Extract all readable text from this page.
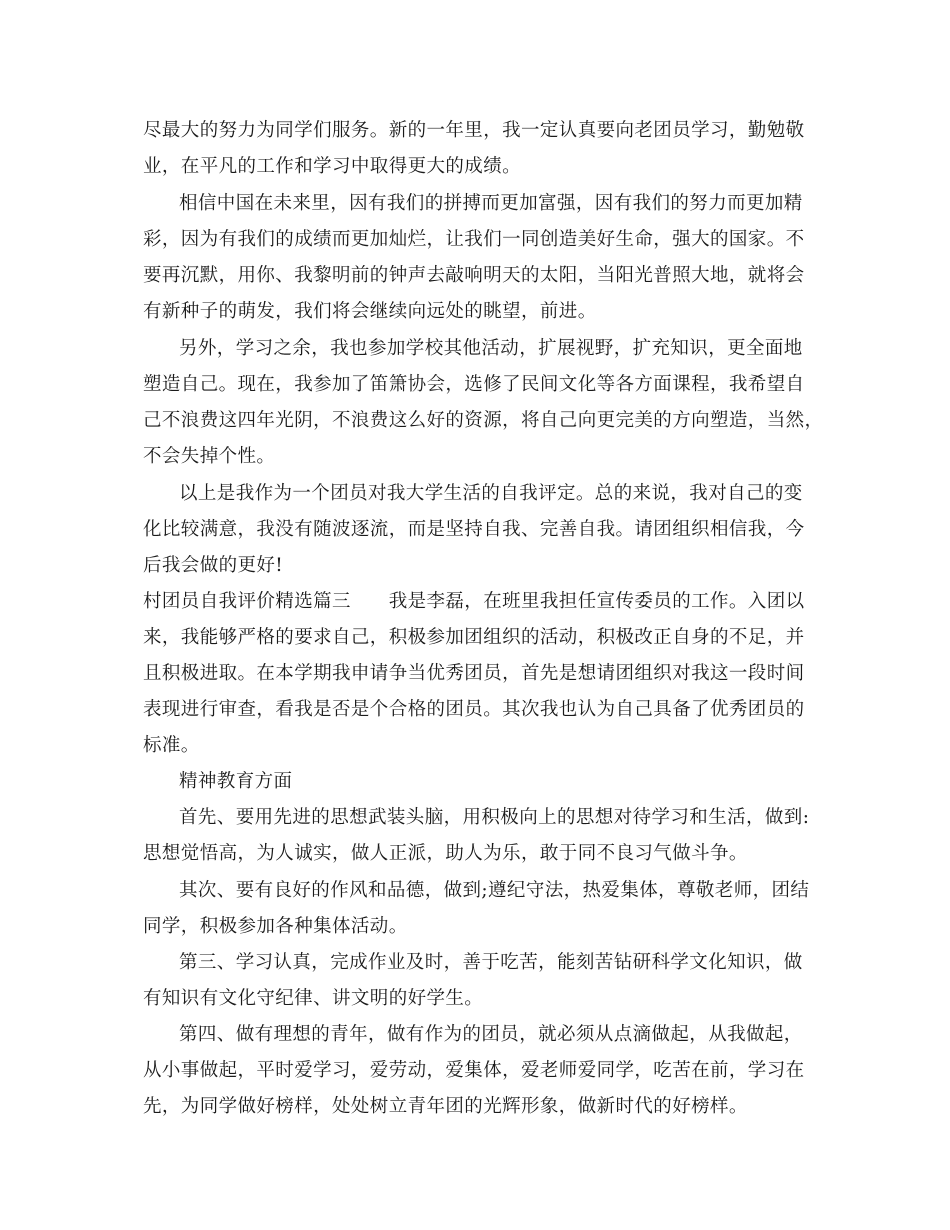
尽最大的努力为同学们服务。新的一年里，我一定认真要向老团员学习，勤勉敬
业，在平凡的工作和学习中取得更大的成绩。
相信中国在未来里，因有我们的拼搏而更加富强，因有我们的努力而更加精
彩，因为有我们的成绩而更加灿烂，让我们一同创造美好生命，强大的国家。不
要再沉默，用你、我黎明前的钟声去敲响明天的太阳，当阳光普照大地，就将会
有新种子的萌发，我们将会继续向远处的眺望，前进。
另外，学习之余，我也参加学校其他活动，扩展视野，扩充知识，更全面地
塑造自己。现在，我参加了笛箫协会，选修了民间文化等各方面课程，我希望自
己不浪费这四年光阴，不浪费这么好的资源，将自己向更完美的方向塑造，当然，
不会失掉个性。
以上是我作为一个团员对我大学生活的自我评定。总的来说，我对自己的变
化比较满意，我没有随波逐流，而是坚持自我、完善自我。请团组织相信我，今
后我会做的更好!
村团员自我评价精选篇三　　我是李磊，在班里我担任宣传委员的工作。入团以
来，我能够严格的要求自己，积极参加团组织的活动，积极改正自身的不足，并
且积极进取。在本学期我申请争当优秀团员，首先是想请团组织对我这一段时间
表现进行审查，看我是否是个合格的团员。其次我也认为自己具备了优秀团员的
标准。
精神教育方面
首先、要用先进的思想武装头脑，用积极向上的思想对待学习和生活，做到:
思想觉悟高，为人诚实，做人正派，助人为乐，敢于同不良习气做斗争。
其次、要有良好的作风和品德，做到;遵纪守法，热爱集体，尊敬老师，团结
同学，积极参加各种集体活动。
第三、学习认真，完成作业及时，善于吃苦，能刻苦钻研科学文化知识，做
有知识有文化守纪律、讲文明的好学生。
第四、做有理想的青年，做有作为的团员，就必须从点滴做起，从我做起，
从小事做起，平时爱学习，爱劳动，爱集体，爱老师爱同学，吃苦在前，学习在
先，为同学做好榜样，处处树立青年团的光辉形象，做新时代的好榜样。
